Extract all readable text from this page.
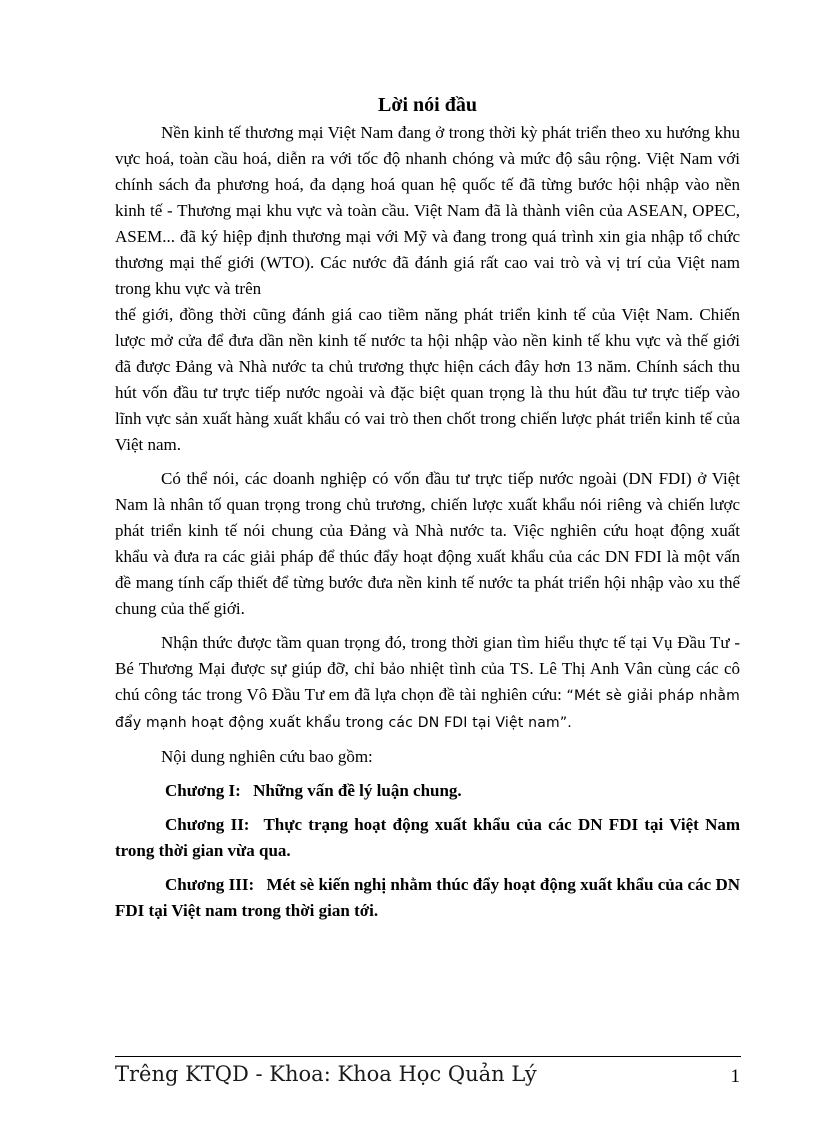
Lời nói đầu

Nền kinh tế thương mại Việt Nam đang ở trong thời kỳ phát triển theo xu hướng khu vực hoá, toàn cầu hoá, diễn ra với tốc độ nhanh chóng và mức độ sâu rộng. Việt Nam với chính sách đa phương hoá, đa dạng hoá quan hệ quốc tế đã từng bước hội nhập vào nền kinh tế - Thương mại khu vực và toàn cầu. Việt Nam đã là thành viên của ASEAN, OPEC, ASEM... đã ký hiệp định thương mại với Mỹ và đang trong quá trình xin gia nhập tổ chức thương mại thế giới (WTO). Các nước đã đánh giá rất cao vai trò và vị trí của Việt nam trong khu vực và trên

thế giới, đồng thời cũng đánh giá cao tiềm năng phát triển kinh tế của Việt Nam. Chiến lược mở cửa để đưa dần nền kinh tế nước ta hội nhập vào nền kinh tế khu vực và thế giới đã được Đảng và Nhà nước ta chủ trương thực hiện cách đây hơn 13 năm. Chính sách thu hút vốn đầu tư trực tiếp nước ngoài và đặc biệt quan trọng là thu hút đầu tư trực tiếp vào lĩnh vực sản xuất hàng xuất khẩu có vai trò then chốt trong chiến lược phát triển kinh tế của Việt nam.

Có thể nói, các doanh nghiệp có vốn đầu tư trực tiếp nước ngoài (DN FDI) ở Việt Nam là nhân tố quan trọng trong chủ trương, chiến lược xuất khẩu nói riêng và chiến lược phát triển kinh tế nói chung của Đảng và Nhà nước ta. Việc nghiên cứu hoạt động xuất khẩu và đưa ra các giải pháp để thúc đẩy hoạt động xuất khẩu của các DN FDI là một vấn đề mang tính cấp thiết để từng bước đưa nền kinh tế nước ta phát triển hội nhập vào xu thế chung của thế giới.

Nhận thức được tầm quan trọng đó, trong thời gian tìm hiểu thực tế tại Vụ Đầu Tư - Bé Thương Mại được sự giúp đỡ, chỉ bảo nhiệt tình của TS. Lê Thị Anh Vân cùng các cô chú công tác trong Vô Đầu Tư em đã lựa chọn đề tài nghiên cứu: “Mét sè giải pháp nhằm đẩy mạnh hoạt động xuất khẩu trong các DN FDI tại Việt nam”.

Nội dung nghiên cứu bao gồm:

Chương I: Những vấn đề lý luận chung.

Chương II: Thực trạng hoạt động xuất khẩu của các DN FDI tại Việt Nam trong thời gian vừa qua.

Chương III: Mét sè kiến nghị nhằm thúc đẩy hoạt động xuất khẩu của các DN FDI tại Việt nam trong thời gian tới.

Trêng KTQD - Khoa: Khoa Học Quản Lý	1
